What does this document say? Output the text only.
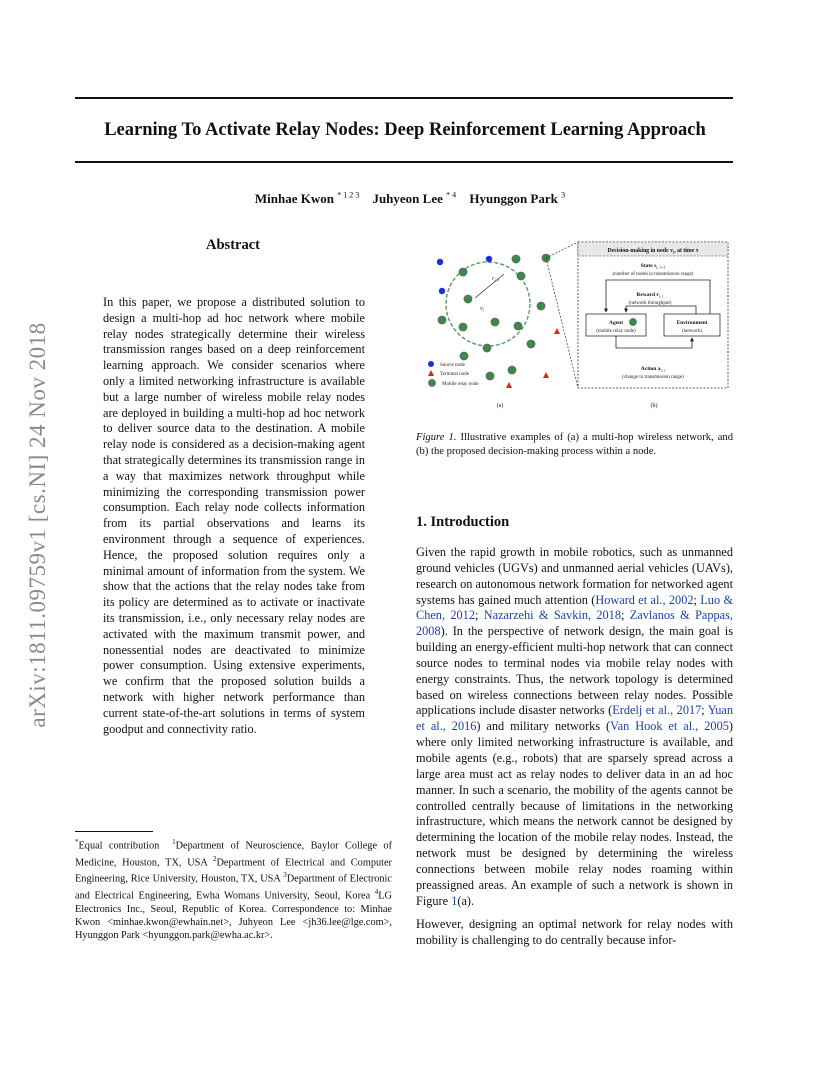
arXiv:1811.09759v1 [cs.NI] 24 Nov 2018
Learning To Activate Relay Nodes: Deep Reinforcement Learning Approach
Minhae Kwon $^{* 1 2 3}$ Juhyeon Lee $^{* 4}$ Hyunggon Park $^3$
Abstract
In this paper, we propose a distributed solution to design a multi-hop ad hoc network where mobile relay nodes strategically determine their wireless transmission ranges based on a deep reinforcement learning approach. We consider scenarios where only a limited networking infrastructure is available but a large number of wireless mobile relay nodes are deployed in building a multi-hop ad hoc network to deliver source data to the destination. A mobile relay node is considered as a decision-making agent that strategically determines its transmission range in a way that maximizes network throughput while minimizing the corresponding transmission power consumption. Each relay node collects information from its partial observations and learns its environment through a sequence of experiences. Hence, the proposed solution requires only a minimal amount of information from the system. We show that the actions that the relay nodes take from its policy are determined as to activate or inactivate its transmission, i.e., only necessary relay nodes are activated with the maximum transmit power, and nonessential nodes are deactivated to minimize power consumption. Using extensive experiments, we confirm that the proposed solution builds a network with higher network performance than current state-of-the-art solutions in terms of system goodput and connectivity ratio.
*Equal contribution $^1$Department of Neuroscience, Baylor College of Medicine, Houston, TX, USA $^2$Department of Electrical and Computer Engineering, Rice University, Houston, TX, USA $^3$Department of Electronic and Electrical Engineering, Ewha Womans University, Seoul, Korea $^4$LG Electronics Inc., Seoul, Republic of Korea. Correspondence to: Minhae Kwon <minhae.kwon@ewhain.net>, Juhyeon Lee <jh36.lee@lge.com>, Hyunggon Park <hyunggon.park@ewha.ac.kr>.
$r_{i, \tau}$
$v_i$
Source node
Terminal node
Mobile relay node
(a)
Decision-making in node $v_i$, at time τ
State $s_{i, \tau+1}$
(number of nodes in transmission range)
Agent
(mobile relay node)
Environment
(network)
Reward $r_{i, \tau}$
(network throughput)
Action $a_{i, \tau}$
(change in transmission range)
(b)
Figure 1. Illustrative examples of (a) a multi-hop wireless network, and (b) the proposed decision-making process within a node.
1. Introduction

Given the rapid growth in mobile robotics, such as unmanned ground vehicles (UGVs) and unmanned aerial vehicles (UAVs), research on autonomous network formation for networked agent systems has gained much attention (Howard et al., 2002; Luo & Chen, 2012; Nazarzehi & Savkin, 2018; Zavlanos & Pappas, 2008). In the perspective of network design, the main goal is building an energy-efficient multi-hop network that can connect source nodes to terminal nodes via mobile relay nodes with energy constraints. Thus, the network topology is determined based on wireless connections between relay nodes. Possible applications include disaster networks (Erdelj et al., 2017; Yuan et al., 2016) and military networks (Van Hook et al., 2005) where only limited networking infrastructure is available, and mobile agents (e.g., robots) that are sparsely spread across a large area must act as relay nodes to deliver data in an ad hoc manner. In such a scenario, the mobility of the agents cannot be controlled centrally because of limitations in the networking infrastructure, which means the network cannot be designed by determining the location of the mobile relay nodes. Instead, the network must be designed by determining the wireless connections between mobile relay nodes roaming within preassigned areas. An example of such a network is shown in Figure 1(a).

However, designing an optimal network for relay nodes with mobility is challenging to do centrally because infor-
